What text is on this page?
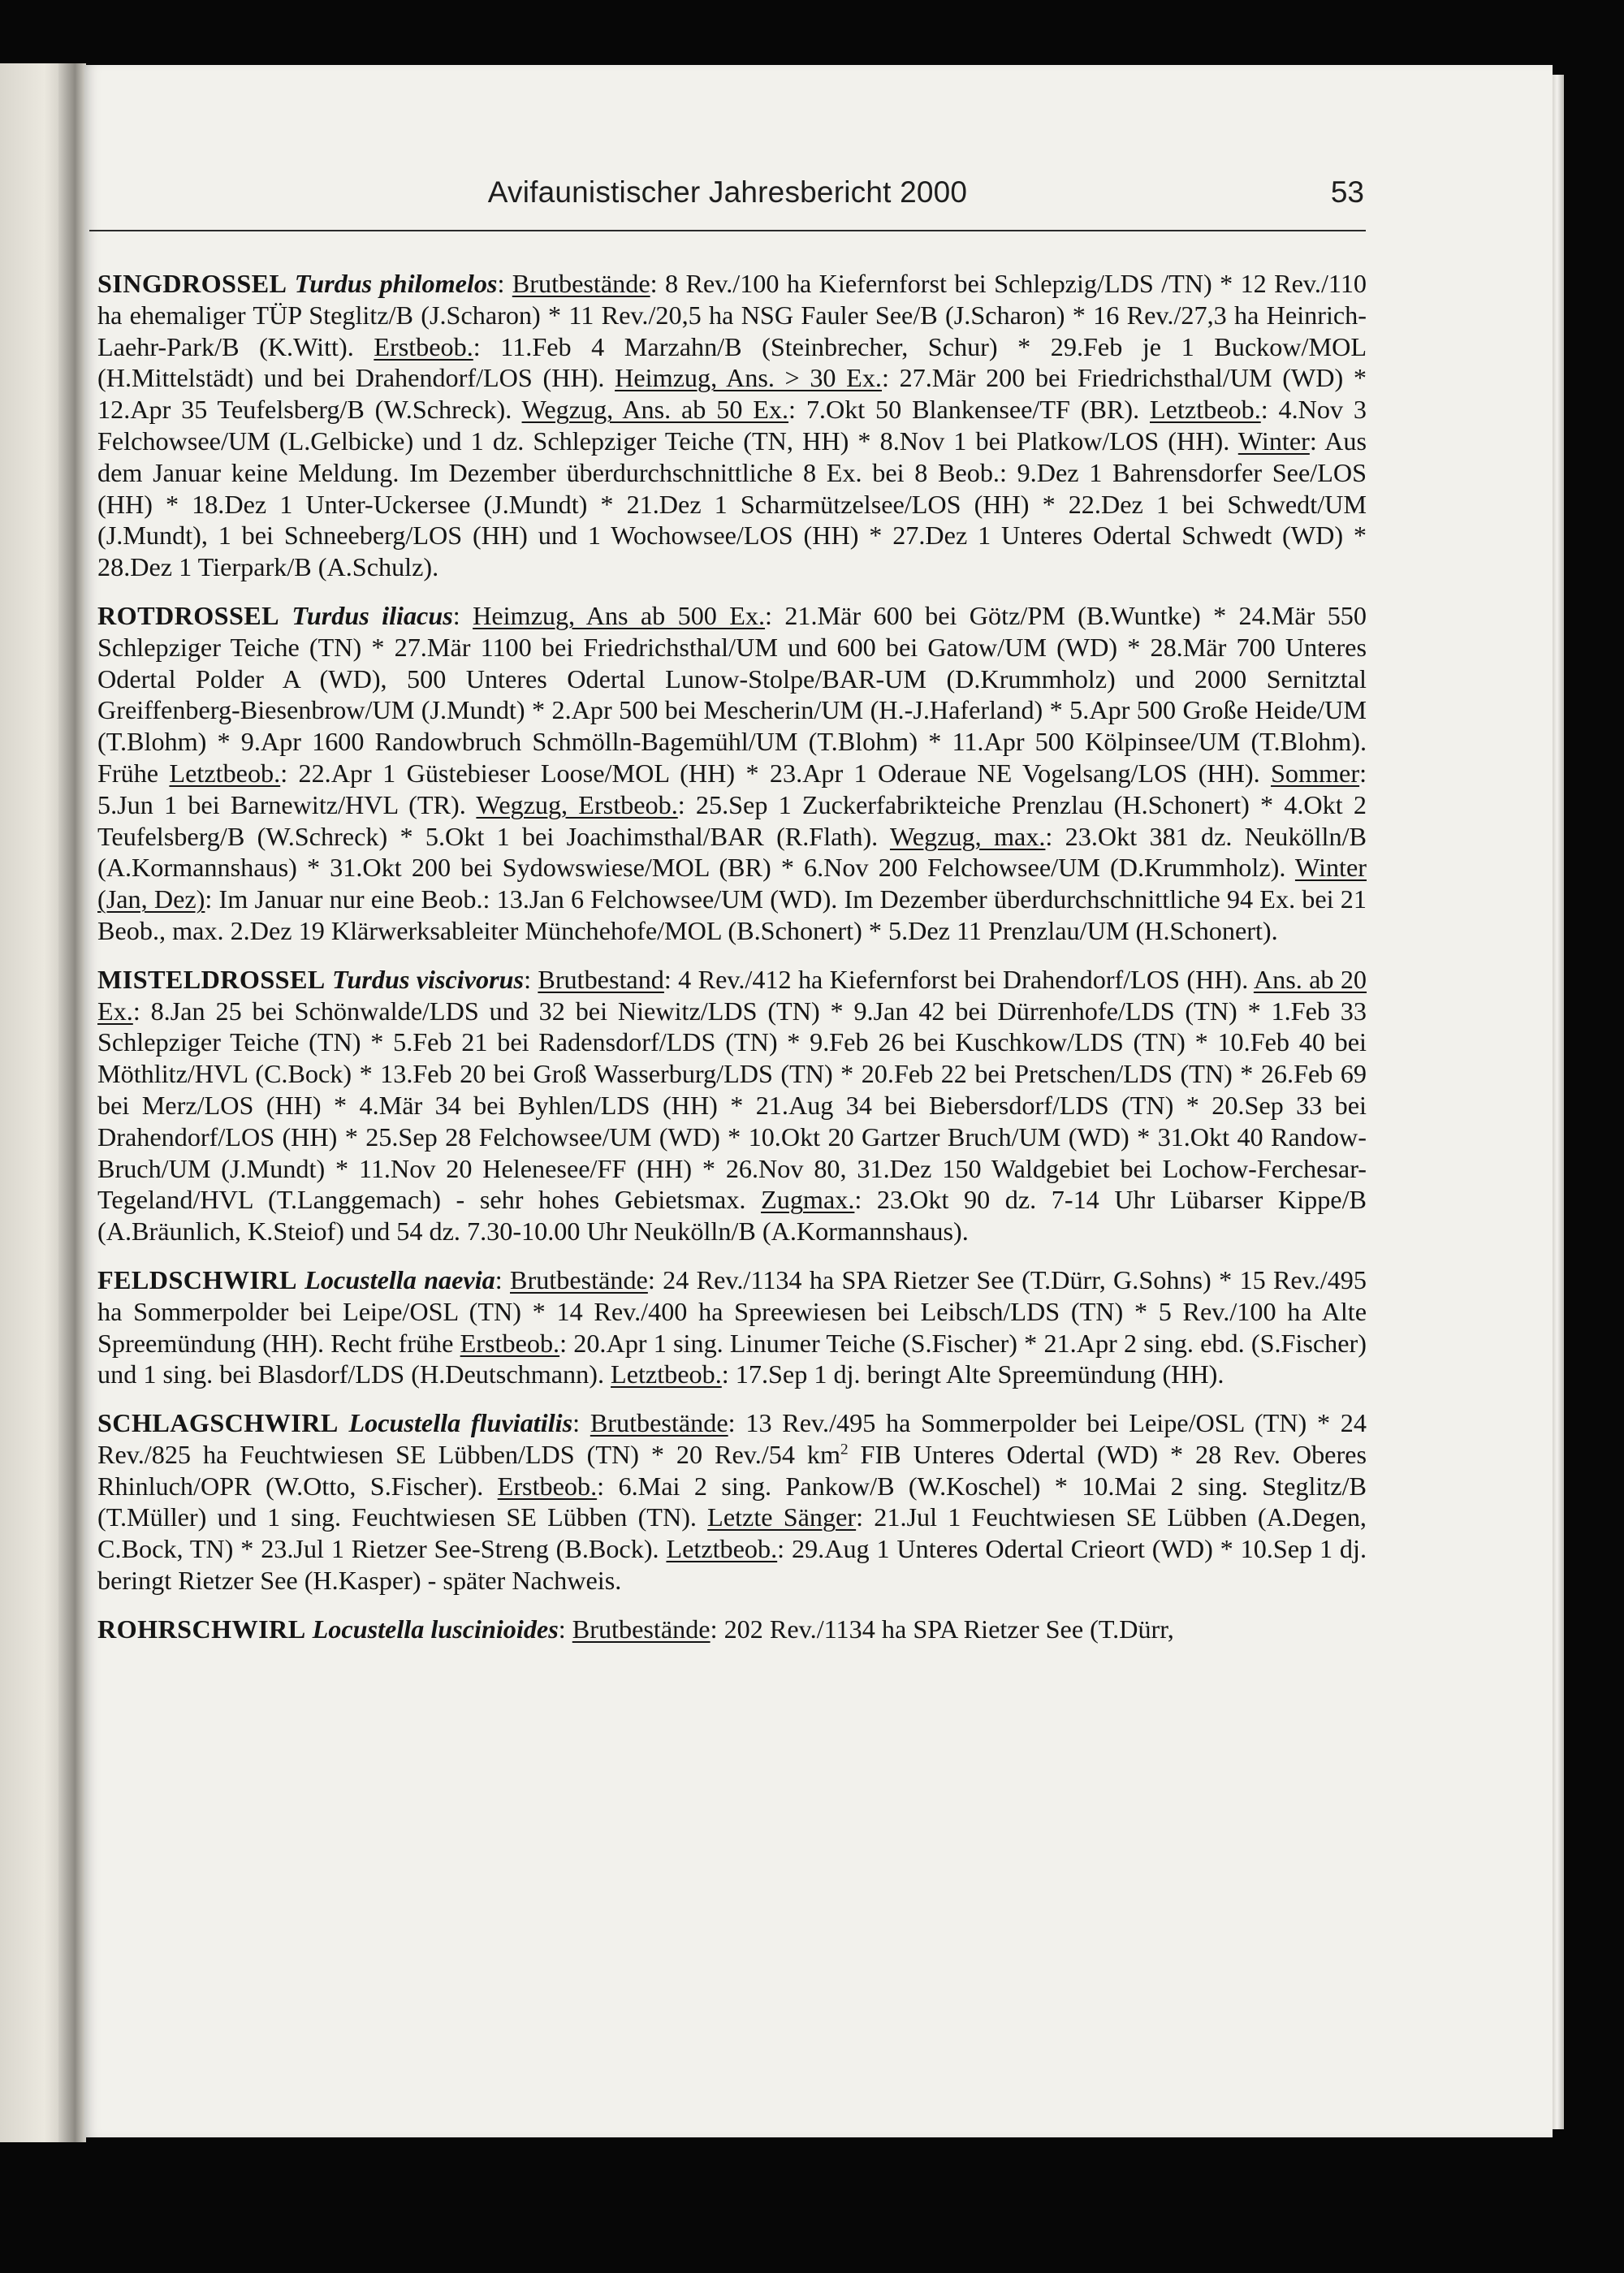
Avifaunistischer Jahresbericht 2000	53

SINGDROSSEL Turdus philomelos: Brutbestände: 8 Rev./100 ha Kiefernforst bei Schlepzig/LDS /TN) * 12 Rev./110 ha ehemaliger TÜP Steglitz/B (J.Scharon) * 11 Rev./20,5 ha NSG Fauler See/B (J.Scharon) * 16 Rev./27,3 ha Heinrich-Laehr-Park/B (K.Witt). Erstbeob.: 11.Feb 4 Marzahn/B (Steinbrecher, Schur) * 29.Feb je 1 Buckow/MOL (H.Mittelstädt) und bei Drahendorf/LOS (HH). Heimzug, Ans. > 30 Ex.: 27.Mär 200 bei Friedrichsthal/UM (WD) * 12.Apr 35 Teufelsberg/B (W.Schreck). Wegzug, Ans. ab 50 Ex.: 7.Okt 50 Blankensee/TF (BR). Letztbeob.: 4.Nov 3 Felchowsee/UM (L.Gelbicke) und 1 dz. Schlepziger Teiche (TN, HH) * 8.Nov 1 bei Platkow/LOS (HH). Winter: Aus dem Januar keine Meldung. Im Dezember überdurchschnittliche 8 Ex. bei 8 Beob.: 9.Dez 1 Bahrensdorfer See/LOS (HH) * 18.Dez 1 Unter-Uckersee (J.Mundt) * 21.Dez 1 Scharmützelsee/LOS (HH) * 22.Dez 1 bei Schwedt/UM (J.Mundt), 1 bei Schneeberg/LOS (HH) und 1 Wochowsee/LOS (HH) * 27.Dez 1 Unteres Odertal Schwedt (WD) * 28.Dez 1 Tierpark/B (A.Schulz).

ROTDROSSEL Turdus iliacus: Heimzug, Ans ab 500 Ex.: 21.Mär 600 bei Götz/PM (B.Wuntke) * 24.Mär 550 Schlepziger Teiche (TN) * 27.Mär 1100 bei Friedrichsthal/UM und 600 bei Gatow/UM (WD) * 28.Mär 700 Unteres Odertal Polder A (WD), 500 Unteres Odertal Lunow-Stolpe/BAR-UM (D.Krummholz) und 2000 Sernitztal Greiffenberg-Biesenbrow/UM (J.Mundt) * 2.Apr 500 bei Mescherin/UM (H.-J.Haferland) * 5.Apr 500 Große Heide/UM (T.Blohm) * 9.Apr 1600 Randowbruch Schmölln-Bagemühl/UM (T.Blohm) * 11.Apr 500 Kölpinsee/UM (T.Blohm). Frühe Letztbeob.: 22.Apr 1 Güstebieser Loose/MOL (HH) * 23.Apr 1 Oderaue NE Vogelsang/LOS (HH). Sommer: 5.Jun 1 bei Barnewitz/HVL (TR). Wegzug, Erstbeob.: 25.Sep 1 Zuckerfabrikteiche Prenzlau (H.Schonert) * 4.Okt 2 Teufelsberg/B (W.Schreck) * 5.Okt 1 bei Joachimsthal/BAR (R.Flath). Wegzug, max.: 23.Okt 381 dz. Neukölln/B (A.Kormannshaus) * 31.Okt 200 bei Sydowswiese/MOL (BR) * 6.Nov 200 Felchowsee/UM (D.Krummholz). Winter (Jan, Dez): Im Januar nur eine Beob.: 13.Jan 6 Felchowsee/UM (WD). Im Dezember überdurchschnittliche 94 Ex. bei 21 Beob., max. 2.Dez 19 Klärwerksableiter Münchehofe/MOL (B.Schonert) * 5.Dez 11 Prenzlau/UM (H.Schonert).

MISTELDROSSEL Turdus viscivorus: Brutbestand: 4 Rev./412 ha Kiefernforst bei Drahendorf/LOS (HH). Ans. ab 20 Ex.: 8.Jan 25 bei Schönwalde/LDS und 32 bei Niewitz/LDS (TN) * 9.Jan 42 bei Dürrenhofe/LDS (TN) * 1.Feb 33 Schlepziger Teiche (TN) * 5.Feb 21 bei Radensdorf/LDS (TN) * 9.Feb 26 bei Kuschkow/LDS (TN) * 10.Feb 40 bei Möthlitz/HVL (C.Bock) * 13.Feb 20 bei Groß Wasserburg/LDS (TN) * 20.Feb 22 bei Pretschen/LDS (TN) * 26.Feb 69 bei Merz/LOS (HH) * 4.Mär 34 bei Byhlen/LDS (HH) * 21.Aug 34 bei Biebersdorf/LDS (TN) * 20.Sep 33 bei Drahendorf/LOS (HH) * 25.Sep 28 Felchowsee/UM (WD) * 10.Okt 20 Gartzer Bruch/UM (WD) * 31.Okt 40 Randow-Bruch/UM (J.Mundt) * 11.Nov 20 Helenesee/FF (HH) * 26.Nov 80, 31.Dez 150 Waldgebiet bei Lochow-Ferchesar-Tegeland/HVL (T.Langgemach) - sehr hohes Gebietsmax. Zugmax.: 23.Okt 90 dz. 7-14 Uhr Lübarser Kippe/B (A.Bräunlich, K.Steiof) und 54 dz. 7.30-10.00 Uhr Neukölln/B (A.Kormannshaus).

FELDSCHWIRL Locustella naevia: Brutbestände: 24 Rev./1134 ha SPA Rietzer See (T.Dürr, G.Sohns) * 15 Rev./495 ha Sommerpolder bei Leipe/OSL (TN) * 14 Rev./400 ha Spreewiesen bei Leibsch/LDS (TN) * 5 Rev./100 ha Alte Spreemündung (HH). Recht frühe Erstbeob.: 20.Apr 1 sing. Linumer Teiche (S.Fischer) * 21.Apr 2 sing. ebd. (S.Fischer) und 1 sing. bei Blasdorf/LDS (H.Deutschmann). Letztbeob.: 17.Sep 1 dj. beringt Alte Spreemündung (HH).

SCHLAGSCHWIRL Locustella fluviatilis: Brutbestände: 13 Rev./495 ha Sommerpolder bei Leipe/OSL (TN) * 24 Rev./825 ha Feuchtwiesen SE Lübben/LDS (TN) * 20 Rev./54 $km^2$ FIB Unteres Odertal (WD) * 28 Rev. Oberes Rhinluch/OPR (W.Otto, S.Fischer). Erstbeob.: 6.Mai 2 sing. Pankow/B (W.Koschel) * 10.Mai 2 sing. Steglitz/B (T.Müller) und 1 sing. Feuchtwiesen SE Lübben (TN). Letzte Sänger: 21.Jul 1 Feuchtwiesen SE Lübben (A.Degen, C.Bock, TN) * 23.Jul 1 Rietzer See-Streng (B.Bock). Letztbeob.: 29.Aug 1 Unteres Odertal Crieort (WD) * 10.Sep 1 dj. beringt Rietzer See (H.Kasper) - später Nachweis.

ROHRSCHWIRL Locustella luscinioides: Brutbestände: 202 Rev./1134 ha SPA Rietzer See (T.Dürr,
